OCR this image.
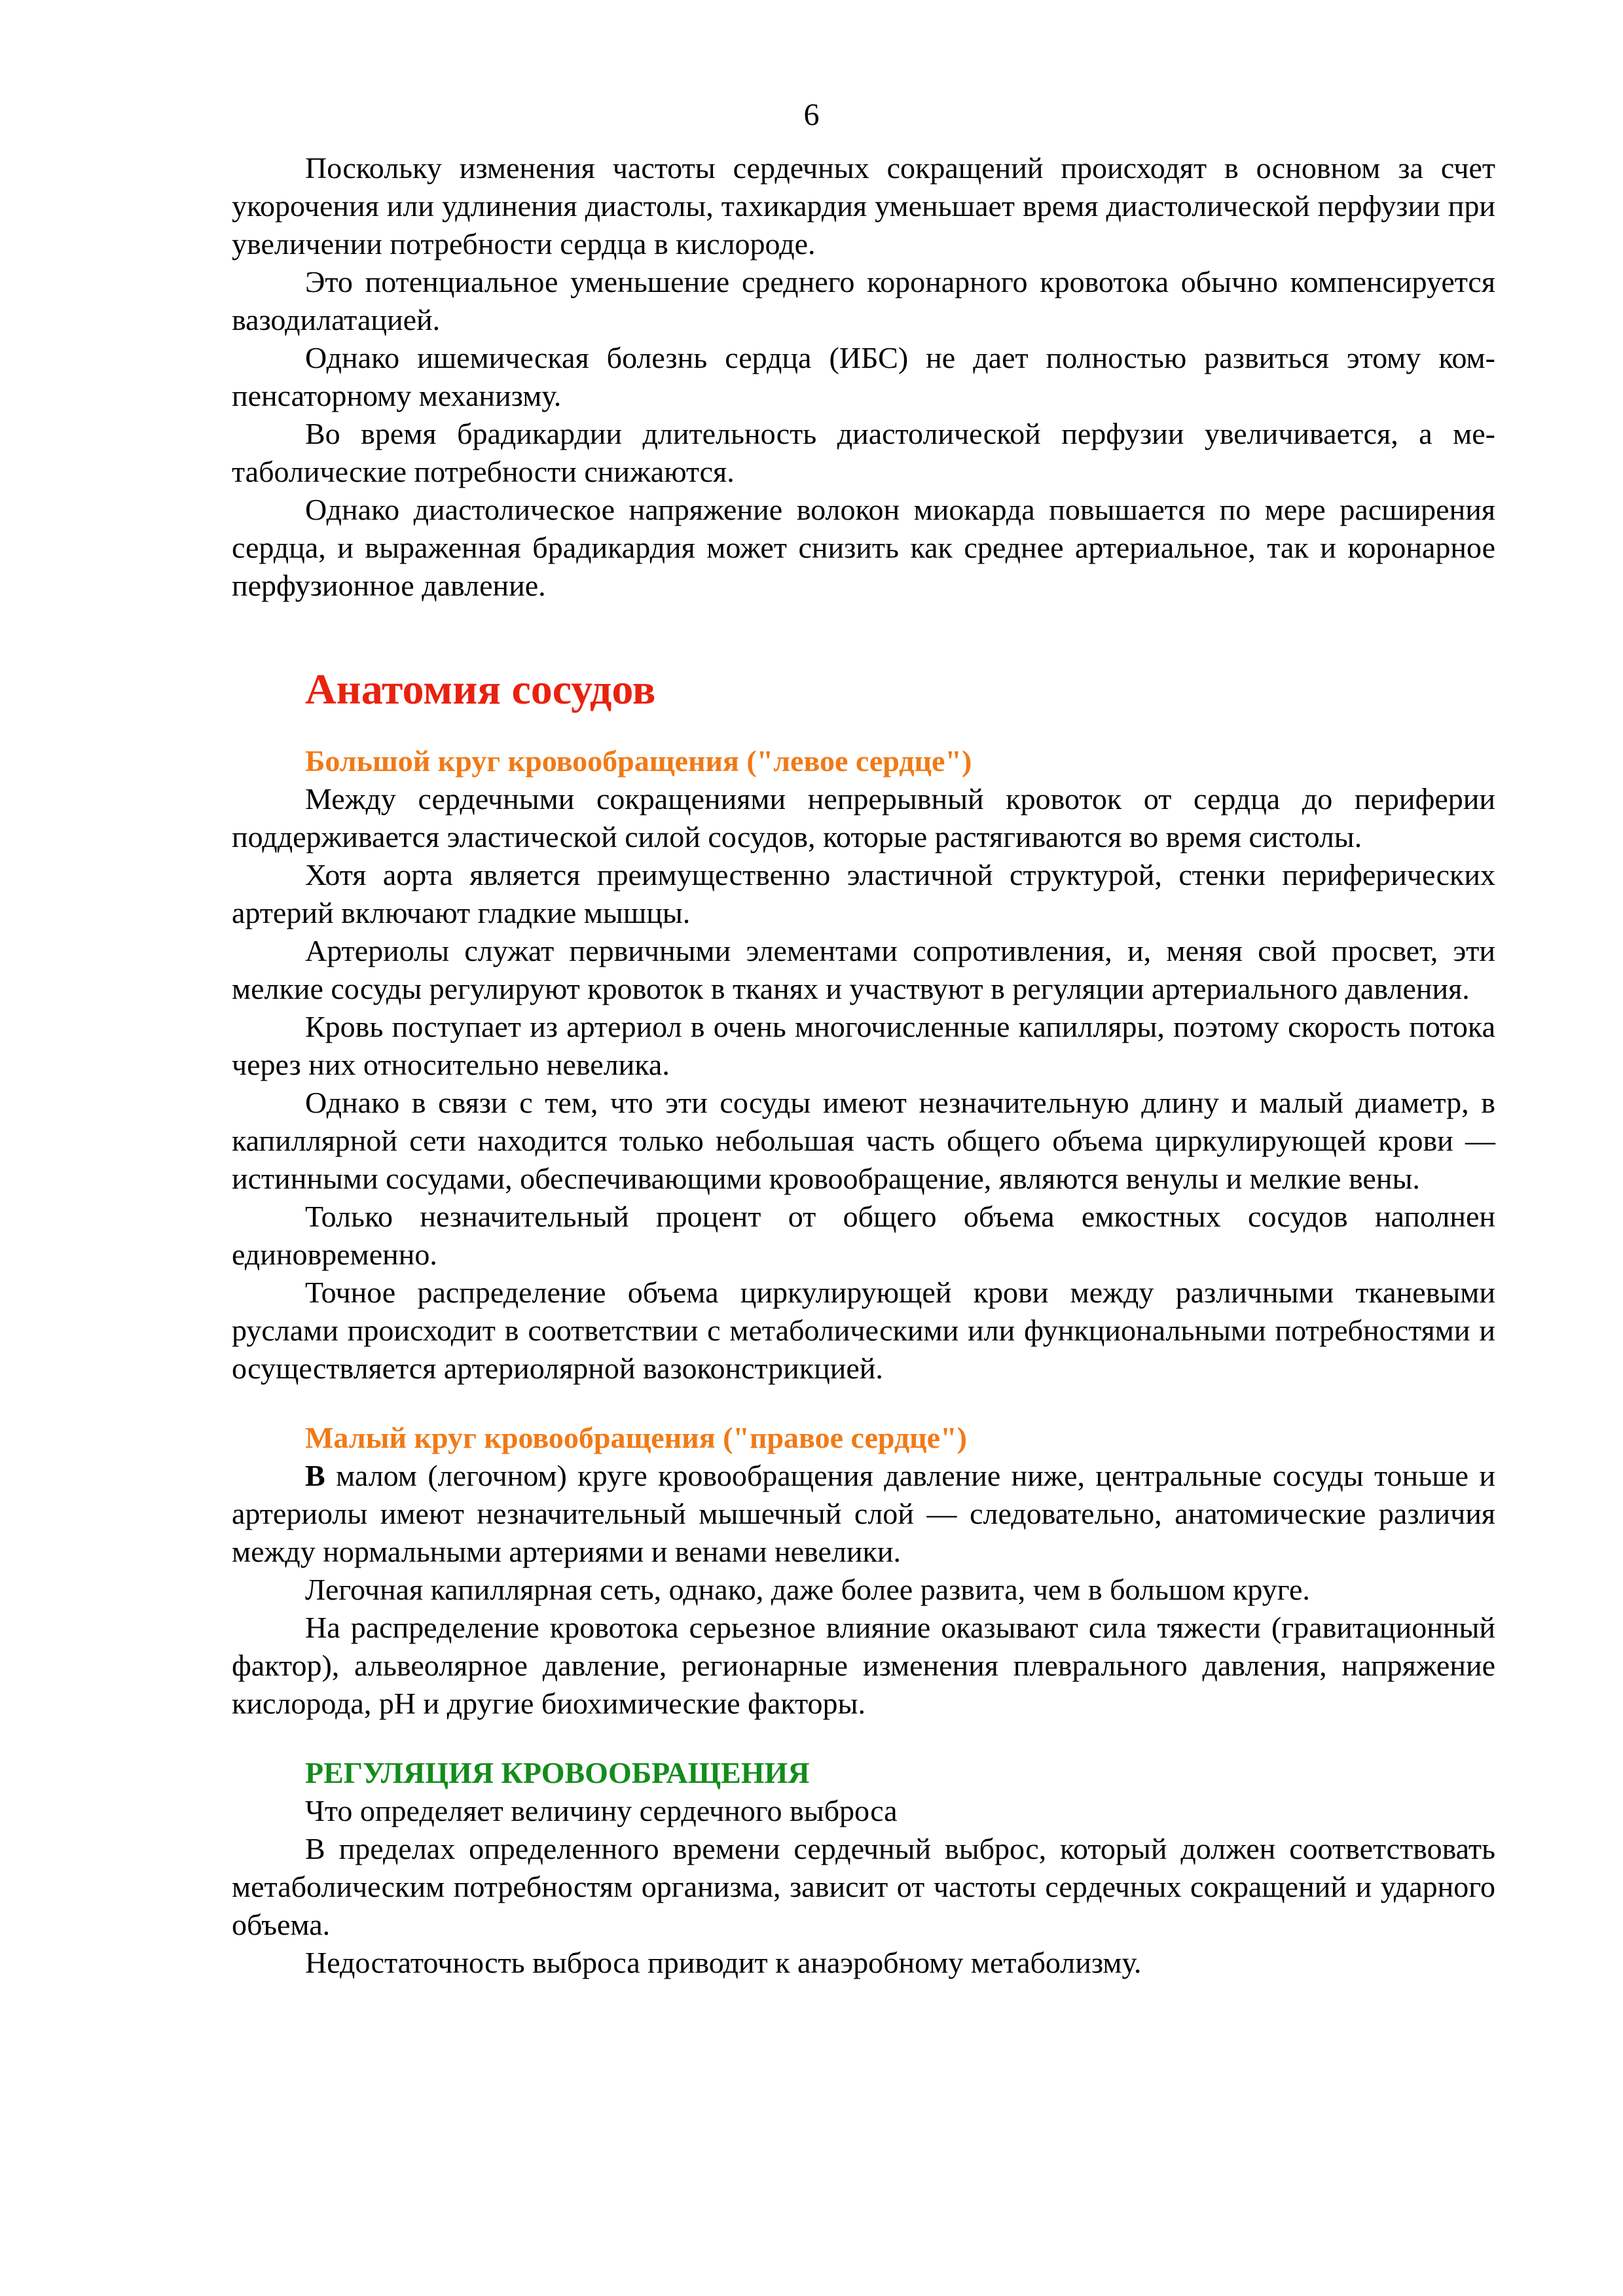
6

Поскольку изменения частоты сердечных сокращений происходят в основном за счет укорочения или удлинения диастолы, тахикардия уменьшает время диастолической перфузии при увеличении потребности сердца в кислороде.

Это потенциальное уменьшение среднего коронарного кровотока обычно компенсируется вазодилатацией.

Однако ишемическая болезнь сердца (ИБС) не дает полностью развиться этому компенсаторному механизму.

Во время брадикардии длительность диастолической перфузии увеличивается, а метаболические потребности снижаются.

Однако диастолическое напряжение волокон миокарда повышается по мере расширения сердца, и выраженная брадикардия может снизить как среднее артериальное, так и коронарное перфузионное давление.

Анатомия сосудов
Большой круг кровообращения ("левое сердце")

Между сердечными сокращениями непрерывный кровоток от сердца до периферии поддерживается эластической силой сосудов, которые растягиваются во время систолы.

Хотя аорта является преимущественно эластичной структурой, стенки периферических артерий включают гладкие мышцы.

Артериолы служат первичными элементами сопротивления, и, меняя свой просвет, эти мелкие сосуды регулируют кровоток в тканях и участвуют в регуляции артериального давления.

Кровь поступает из артериол в очень многочисленные капилляры, поэтому скорость потока через них относительно невелика.

Однако в связи с тем, что эти сосуды имеют незначительную длину и малый диаметр, в капиллярной сети находится только небольшая часть общего объема циркулирующей крови — истинными сосудами, обеспечивающими кровообращение, являются венулы и мелкие вены.

Только незначительный процент от общего объема емкостных сосудов наполнен единовременно.

Точное распределение объема циркулирующей крови между различными тканевыми руслами происходит в соответствии с метаболическими или функциональными потребностями и осуществляется артериолярной вазоконстрикцией.

Малый круг кровообращения ("правое сердце")

В малом (легочном) круге кровообращения давление ниже, центральные сосуды тоньше и артериолы имеют незначительный мышечный слой — следовательно, анатомические различия между нормальными артериями и венами невелики.

Легочная капиллярная сеть, однако, даже более развита, чем в большом круге.

На распределение кровотока серьезное влияние оказывают сила тяжести (гравитационный фактор), альвеолярное давление, регионарные изменения плеврального давления, напряжение кислорода, pH и другие биохимические факторы.

РЕГУЛЯЦИЯ КРОВООБРАЩЕНИЯ

Что определяет величину сердечного выброса

В пределах определенного времени сердечный выброс, который должен соответствовать метаболическим потребностям организма, зависит от частоты сердечных сокращений и ударного объема.

Недостаточность выброса приводит к анаэробному метаболизму.
